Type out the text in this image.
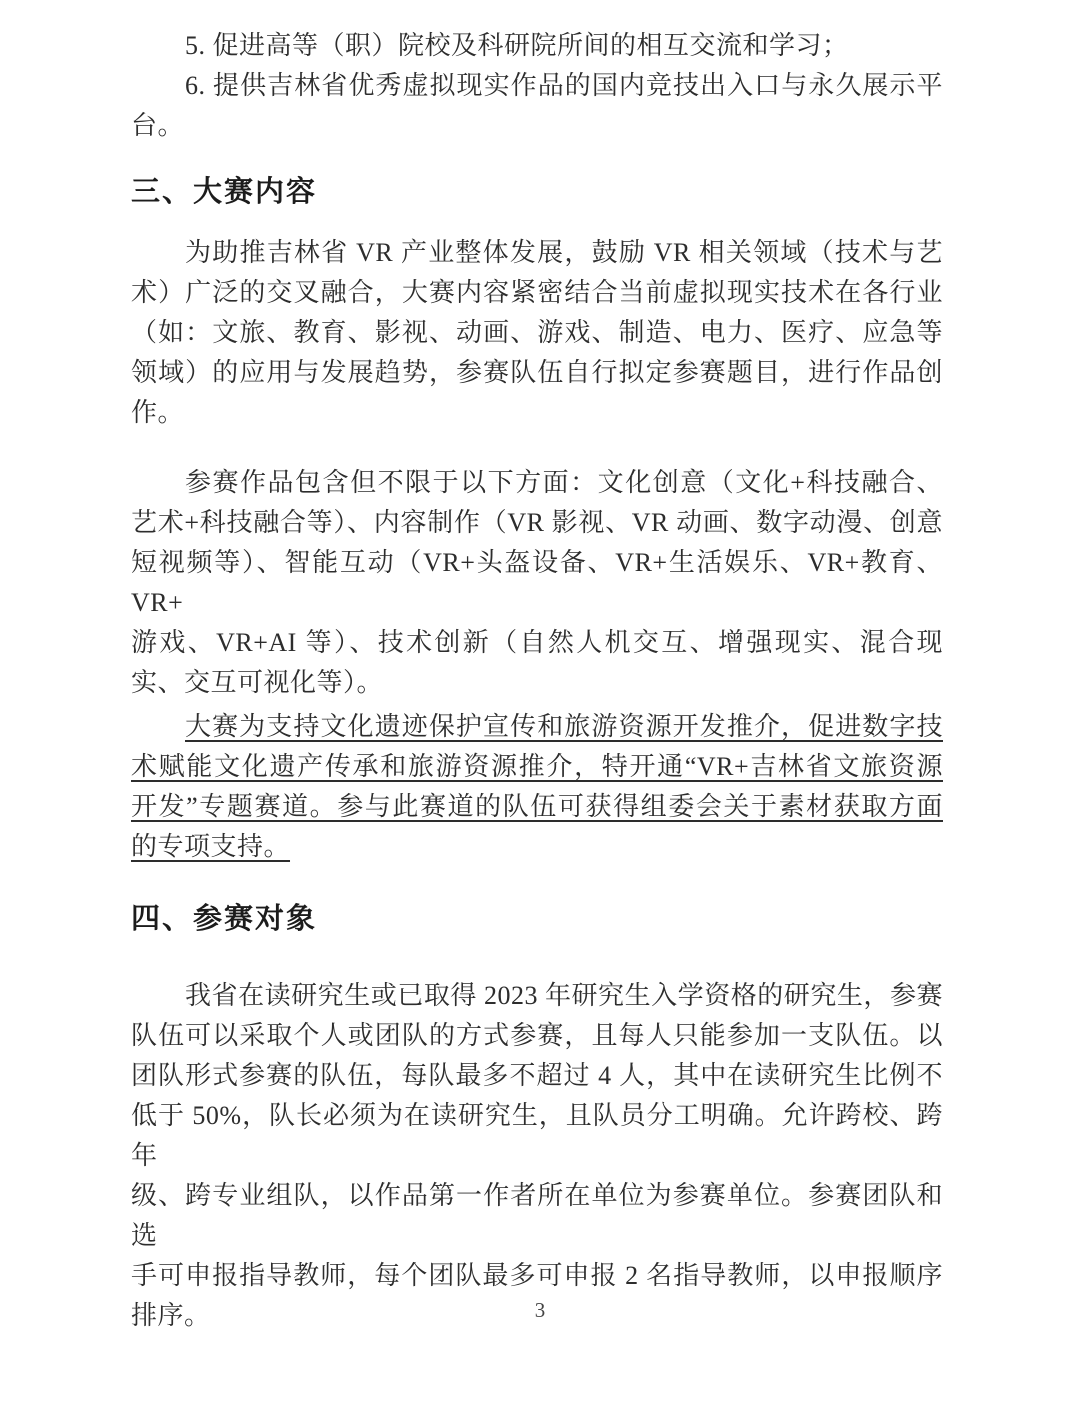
5. 促进高等（职）院校及科研院所间的相互交流和学习；
6. 提供吉林省优秀虚拟现实作品的国内竞技出入口与永久展示平
台。
三、大赛内容
为助推吉林省 VR 产业整体发展，鼓励 VR 相关领域（技术与艺
术）广泛的交叉融合，大赛内容紧密结合当前虚拟现实技术在各行业
（如：文旅、教育、影视、动画、游戏、制造、电力、医疗、应急等
领域）的应用与发展趋势，参赛队伍自行拟定参赛题目，进行作品创
作。
参赛作品包含但不限于以下方面：文化创意（文化+科技融合、
艺术+科技融合等）、内容制作（VR 影视、VR 动画、数字动漫、创意
短视频等）、智能互动（VR+头盔设备、VR+生活娱乐、VR+教育、VR+
游戏、VR+AI 等）、技术创新（自然人机交互、增强现实、混合现
实、交互可视化等）。
大赛为支持文化遗迹保护宣传和旅游资源开发推介，促进数字技
术赋能文化遗产传承和旅游资源推介，特开通“VR+吉林省文旅资源
开发”专题赛道。参与此赛道的队伍可获得组委会关于素材获取方面
的专项支持。
四、参赛对象
我省在读研究生或已取得 2023 年研究生入学资格的研究生，参赛
队伍可以采取个人或团队的方式参赛，且每人只能参加一支队伍。以
团队形式参赛的队伍，每队最多不超过 4 人，其中在读研究生比例不
低于 50%，队长必须为在读研究生，且队员分工明确。允许跨校、跨年
级、跨专业组队，以作品第一作者所在单位为参赛单位。参赛团队和选
手可申报指导教师，每个团队最多可申报 2 名指导教师，以申报顺序
排序。	3
